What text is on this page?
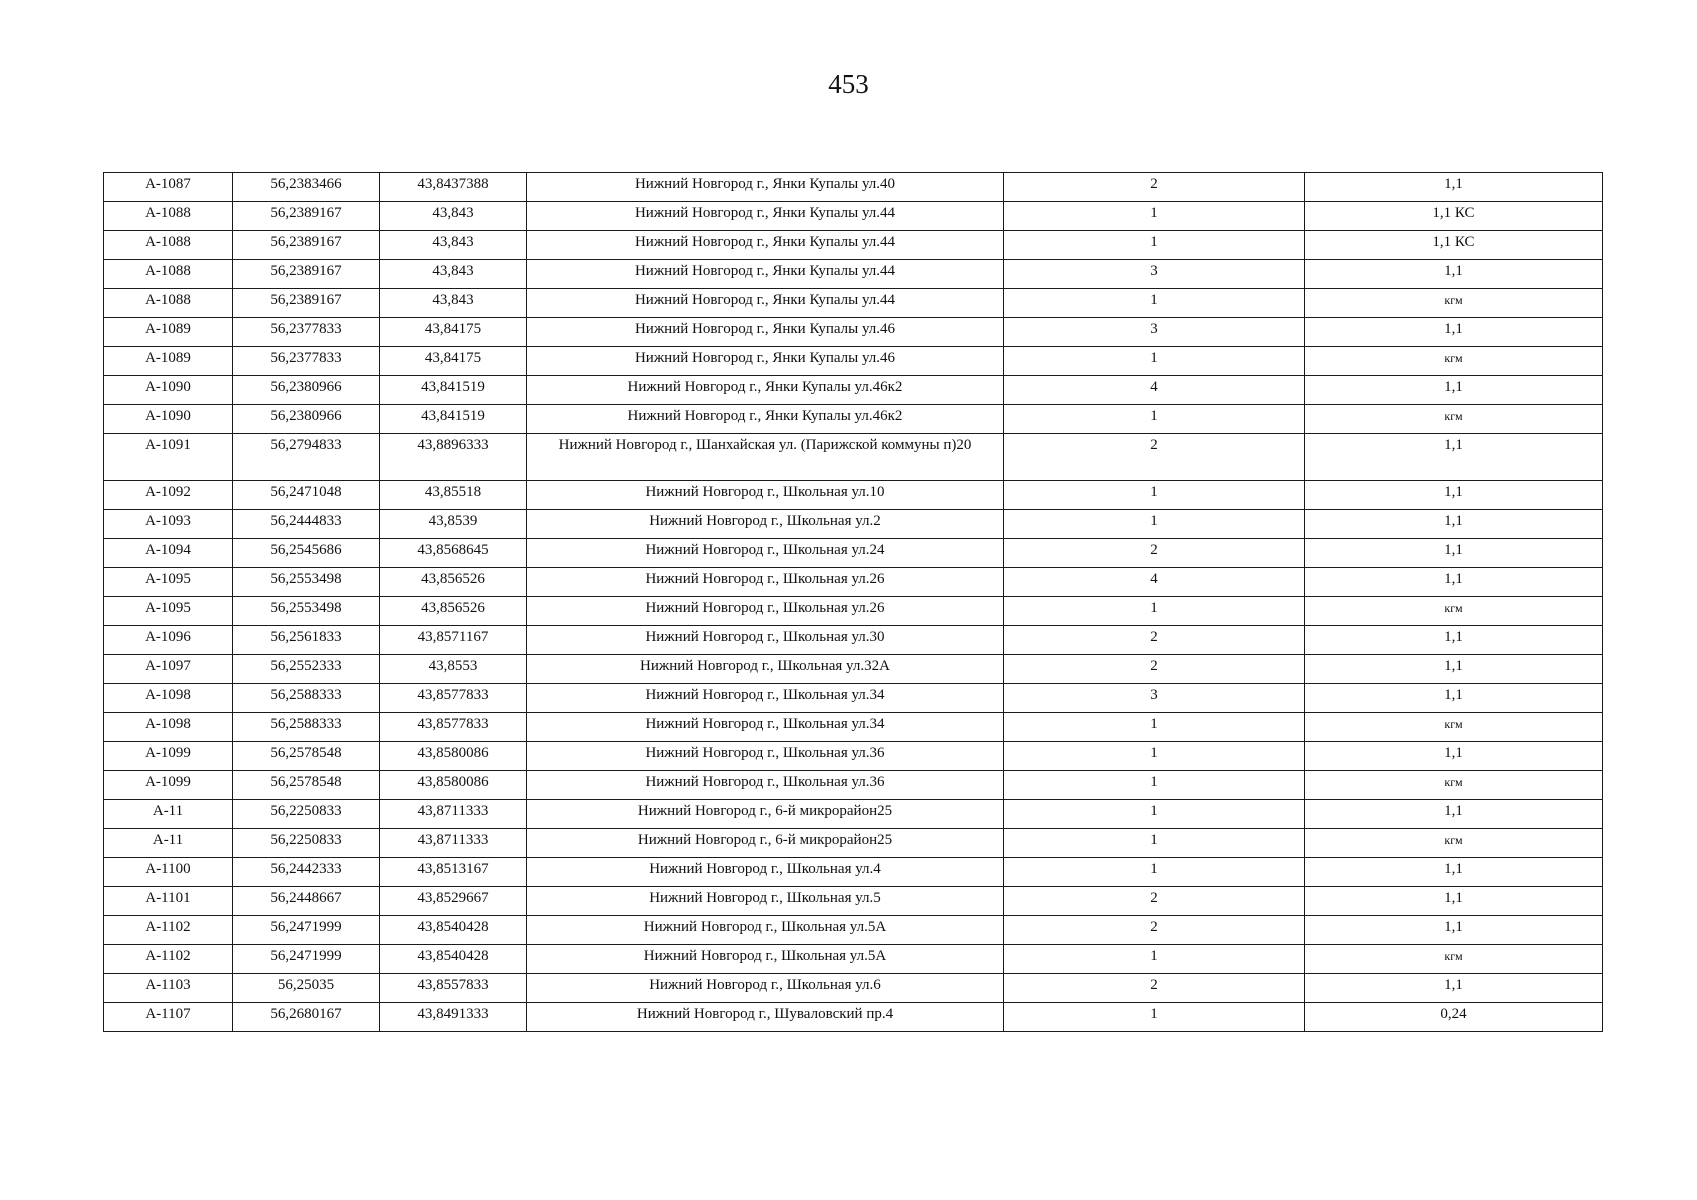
453
А-1087	56,2383466	43,8437388	Нижний Новгород г., Янки Купалы ул.40	2	1,1
А-1088	56,2389167	43,843	Нижний Новгород г., Янки Купалы ул.44	1	1,1 КС
А-1088	56,2389167	43,843	Нижний Новгород г., Янки Купалы ул.44	1	1,1 КС
А-1088	56,2389167	43,843	Нижний Новгород г., Янки Купалы ул.44	3	1,1
А-1088	56,2389167	43,843	Нижний Новгород г., Янки Купалы ул.44	1	кгм
А-1089	56,2377833	43,84175	Нижний Новгород г., Янки Купалы ул.46	3	1,1
А-1089	56,2377833	43,84175	Нижний Новгород г., Янки Купалы ул.46	1	кгм
А-1090	56,2380966	43,841519	Нижний Новгород г., Янки Купалы ул.46к2	4	1,1
А-1090	56,2380966	43,841519	Нижний Новгород г., Янки Купалы ул.46к2	1	кгм
А-1091	56,2794833	43,8896333	Нижний Новгород г., Шанхайская ул. (Парижской коммуны п)20	2	1,1
А-1092	56,2471048	43,85518	Нижний Новгород г., Школьная ул.10	1	1,1
А-1093	56,2444833	43,8539	Нижний Новгород г., Школьная ул.2	1	1,1
А-1094	56,2545686	43,8568645	Нижний Новгород г., Школьная ул.24	2	1,1
А-1095	56,2553498	43,856526	Нижний Новгород г., Школьная ул.26	4	1,1
А-1095	56,2553498	43,856526	Нижний Новгород г., Школьная ул.26	1	кгм
А-1096	56,2561833	43,8571167	Нижний Новгород г., Школьная ул.30	2	1,1
А-1097	56,2552333	43,8553	Нижний Новгород г., Школьная ул.32А	2	1,1
А-1098	56,2588333	43,8577833	Нижний Новгород г., Школьная ул.34	3	1,1
А-1098	56,2588333	43,8577833	Нижний Новгород г., Школьная ул.34	1	кгм
А-1099	56,2578548	43,8580086	Нижний Новгород г., Школьная ул.36	1	1,1
А-1099	56,2578548	43,8580086	Нижний Новгород г., Школьная ул.36	1	кгм
А-11	56,2250833	43,8711333	Нижний Новгород г., 6-й микрорайон25	1	1,1
А-11	56,2250833	43,8711333	Нижний Новгород г., 6-й микрорайон25	1	кгм
А-1100	56,2442333	43,8513167	Нижний Новгород г., Школьная ул.4	1	1,1
А-1101	56,2448667	43,8529667	Нижний Новгород г., Школьная ул.5	2	1,1
А-1102	56,2471999	43,8540428	Нижний Новгород г., Школьная ул.5А	2	1,1
А-1102	56,2471999	43,8540428	Нижний Новгород г., Школьная ул.5А	1	кгм
А-1103	56,25035	43,8557833	Нижний Новгород г., Школьная ул.6	2	1,1
А-1107	56,2680167	43,8491333	Нижний Новгород г., Шуваловский пр.4	1	0,24
